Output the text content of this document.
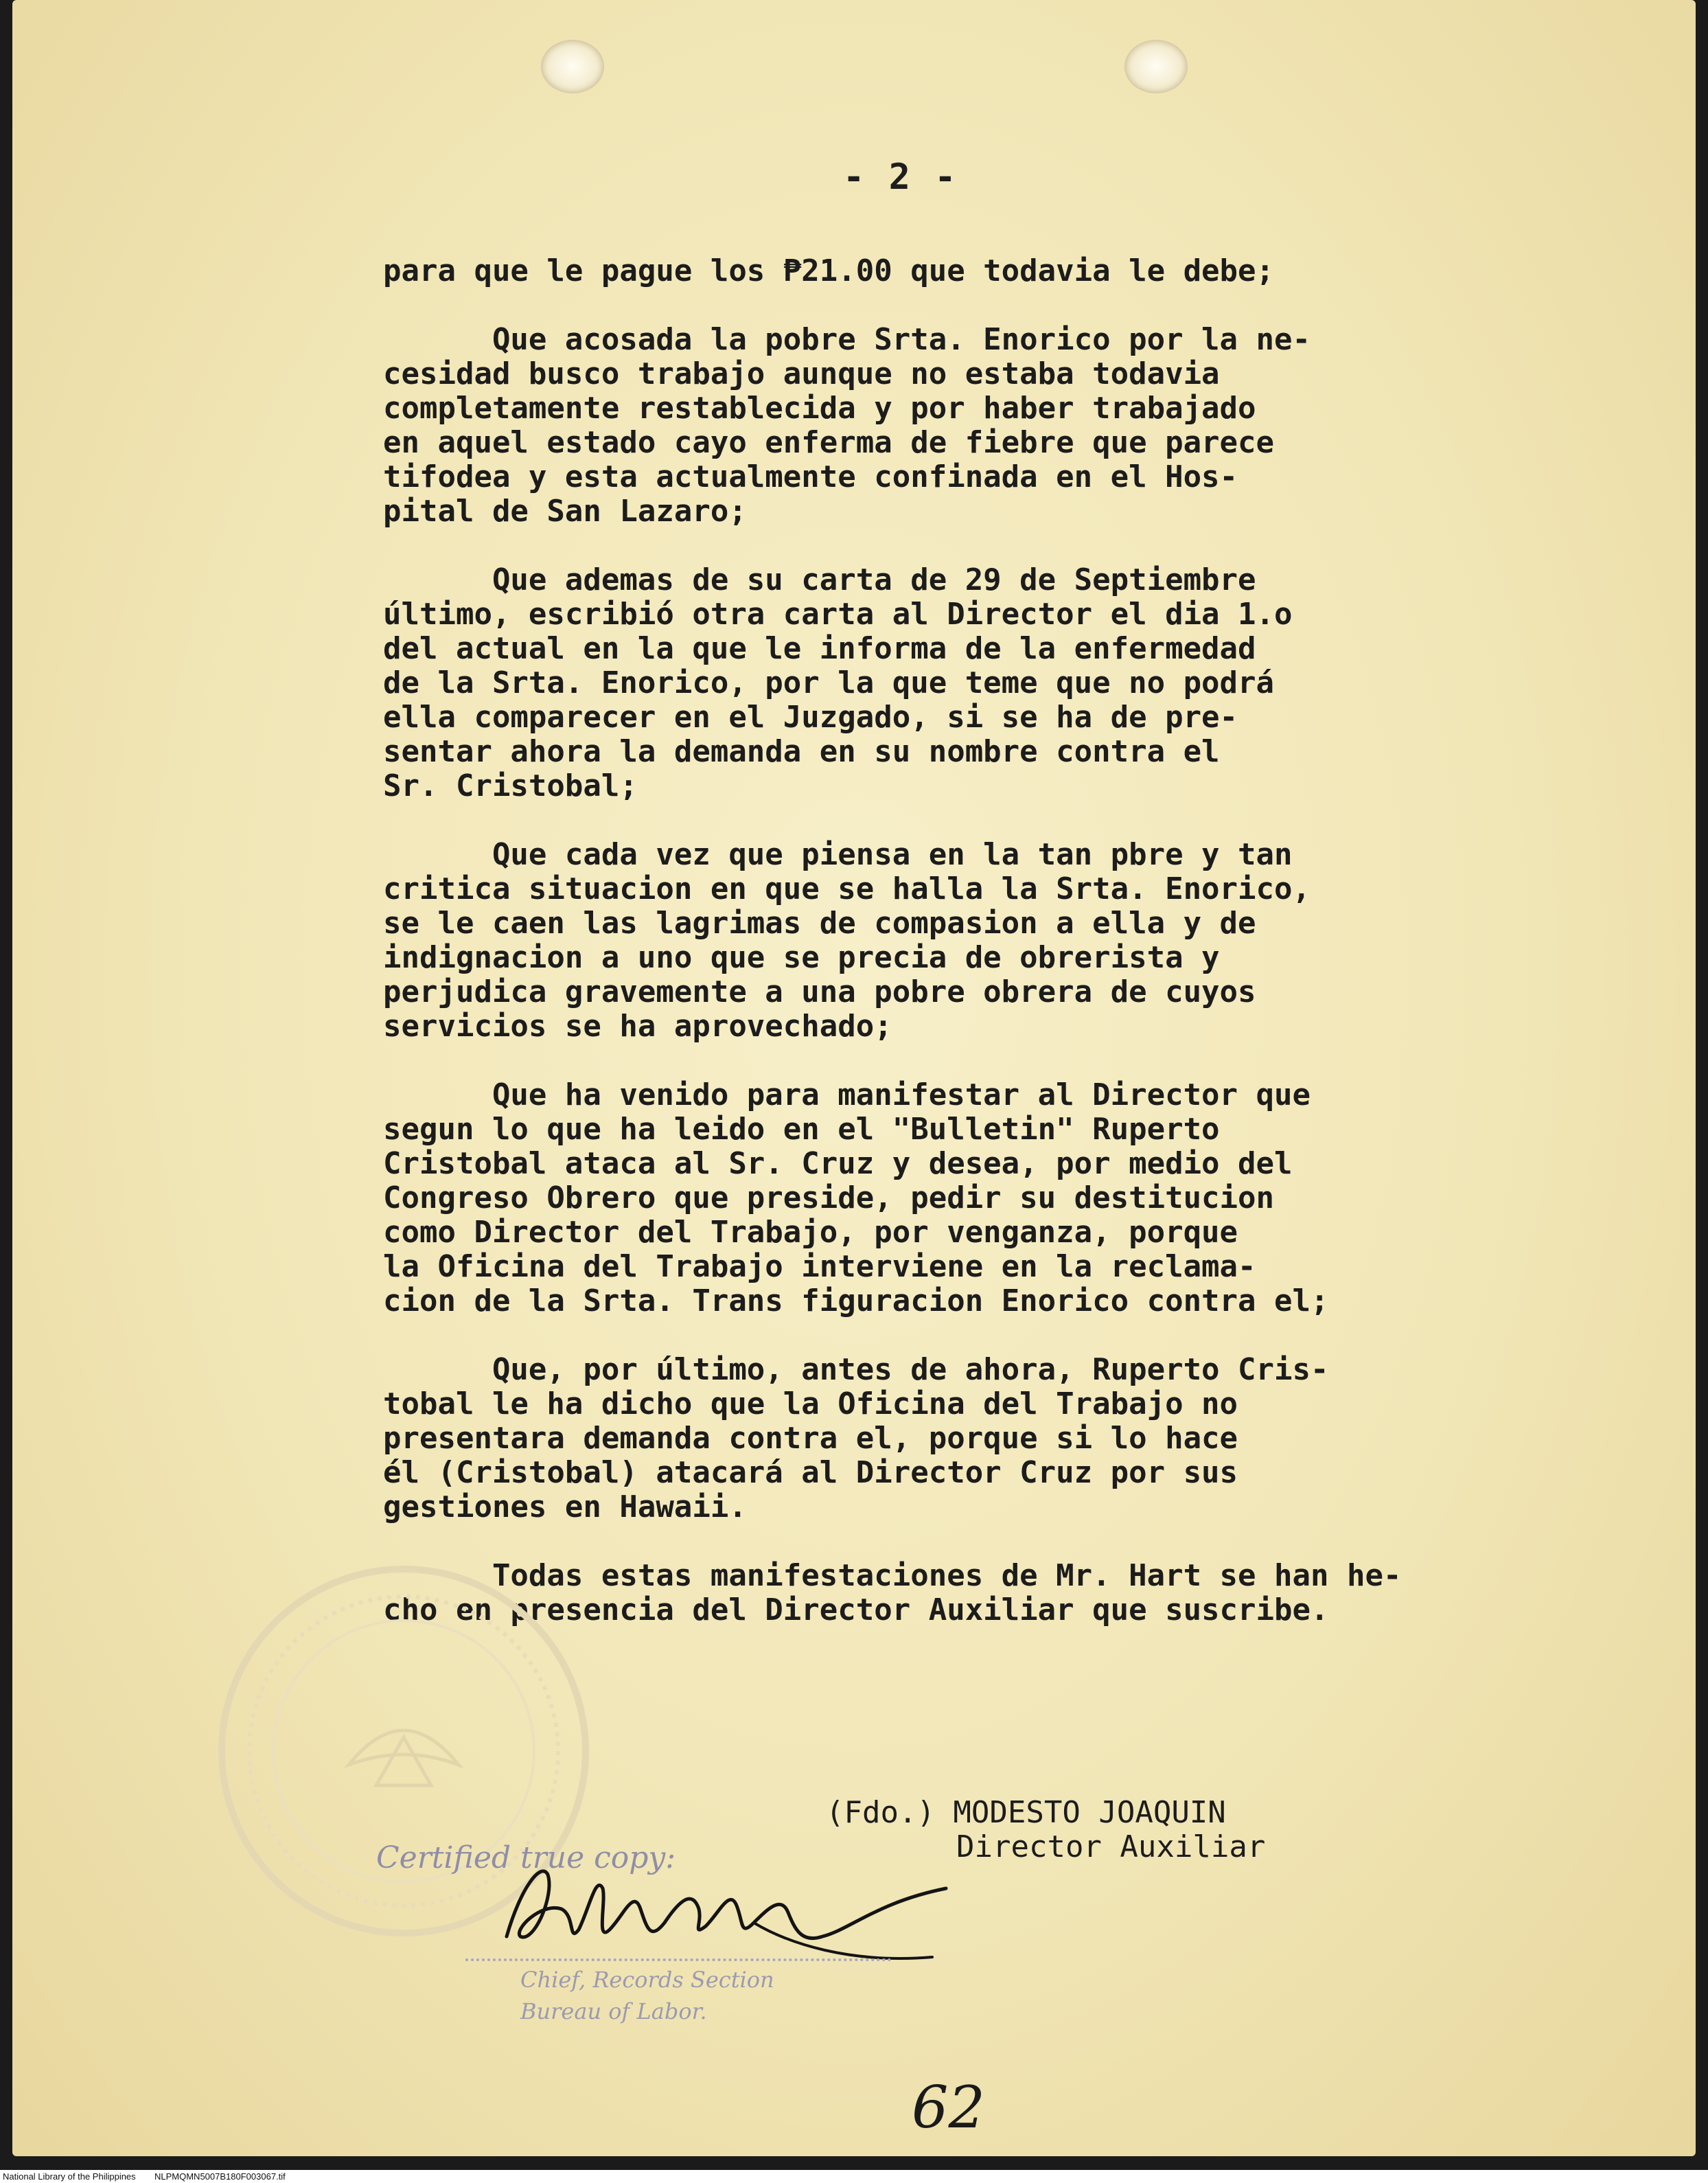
- 2 -
para que le pague los ₱21.00 que todavia le debe;
Que acosada la pobre Srta. Enorico por la ne-
cesidad busco trabajo aunque no estaba todavia
completamente restablecida y por haber trabajado
en aquel estado cayo enferma de fiebre que parece
tifodea y esta actualmente confinada en el Hos-
pital de San Lazaro;
Que ademas de su carta de 29 de Septiembre
último, escribió otra carta al Director el dia 1.o
del actual en la que le informa de la enfermedad
de la Srta. Enorico, por la que teme que no podrá
ella comparecer en el Juzgado, si se ha de pre-
sentar ahora la demanda en su nombre contra el
Sr. Cristobal;
Que cada vez que piensa en la tan pbre y tan
critica situacion en que se halla la Srta. Enorico,
se le caen las lagrimas de compasion a ella y de
indignacion a uno que se precia de obrerista y
perjudica gravemente a una pobre obrera de cuyos
servicios se ha aprovechado;
Que ha venido para manifestar al Director que
segun lo que ha leido en el "Bulletin" Ruperto
Cristobal ataca al Sr. Cruz y desea, por medio del
Congreso Obrero que preside, pedir su destitucion
como Director del Trabajo, por venganza, porque
la Oficina del Trabajo interviene en la reclama-
cion de la Srta. Trans figuracion Enorico contra el;
Que, por último, antes de ahora, Ruperto Cris-
tobal le ha dicho que la Oficina del Trabajo no
presentara demanda contra el, porque si lo hace
él (Cristobal) atacará al Director Cruz por sus
gestiones en Hawaii.
Todas estas manifestaciones de Mr. Hart se han he-
cho en presencia del Director Auxiliar que suscribe.
(Fdo.) MODESTO JOAQUIN
Director Auxiliar
Certified true copy:
Chief, Records Section
Bureau of Labor.
62
National Library of the Philippines NLPMQMN5007B180F003067.tif
